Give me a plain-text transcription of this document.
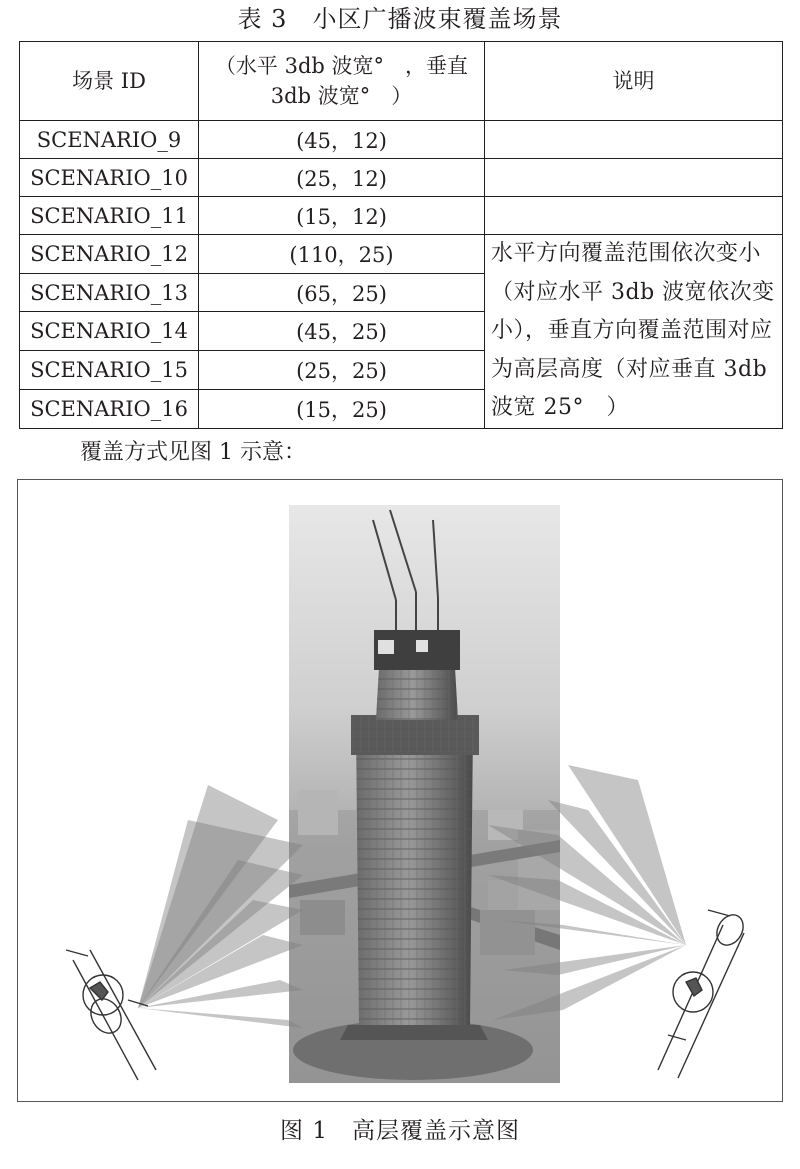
表 3　小区广播波束覆盖场景
场景 ID	（水平 3db 波宽°　，垂直 3db 波宽°　）	说明
SCENARIO_9	(45，12)	
SCENARIO_10	(25，12)	
SCENARIO_11	(15，12)	
SCENARIO_12	(110，25)	水平方向覆盖范围依次变小（对应水平 3db 波宽依次变小），垂直方向覆盖范围对应为高层高度（对应垂直 3db 波宽 25°　）
SCENARIO_13	(65，25)	
SCENARIO_14	(45，25)	
SCENARIO_15	(25，25)	
SCENARIO_16	(15，25)	
覆盖方式见图 1 示意：
图 1　高层覆盖示意图
